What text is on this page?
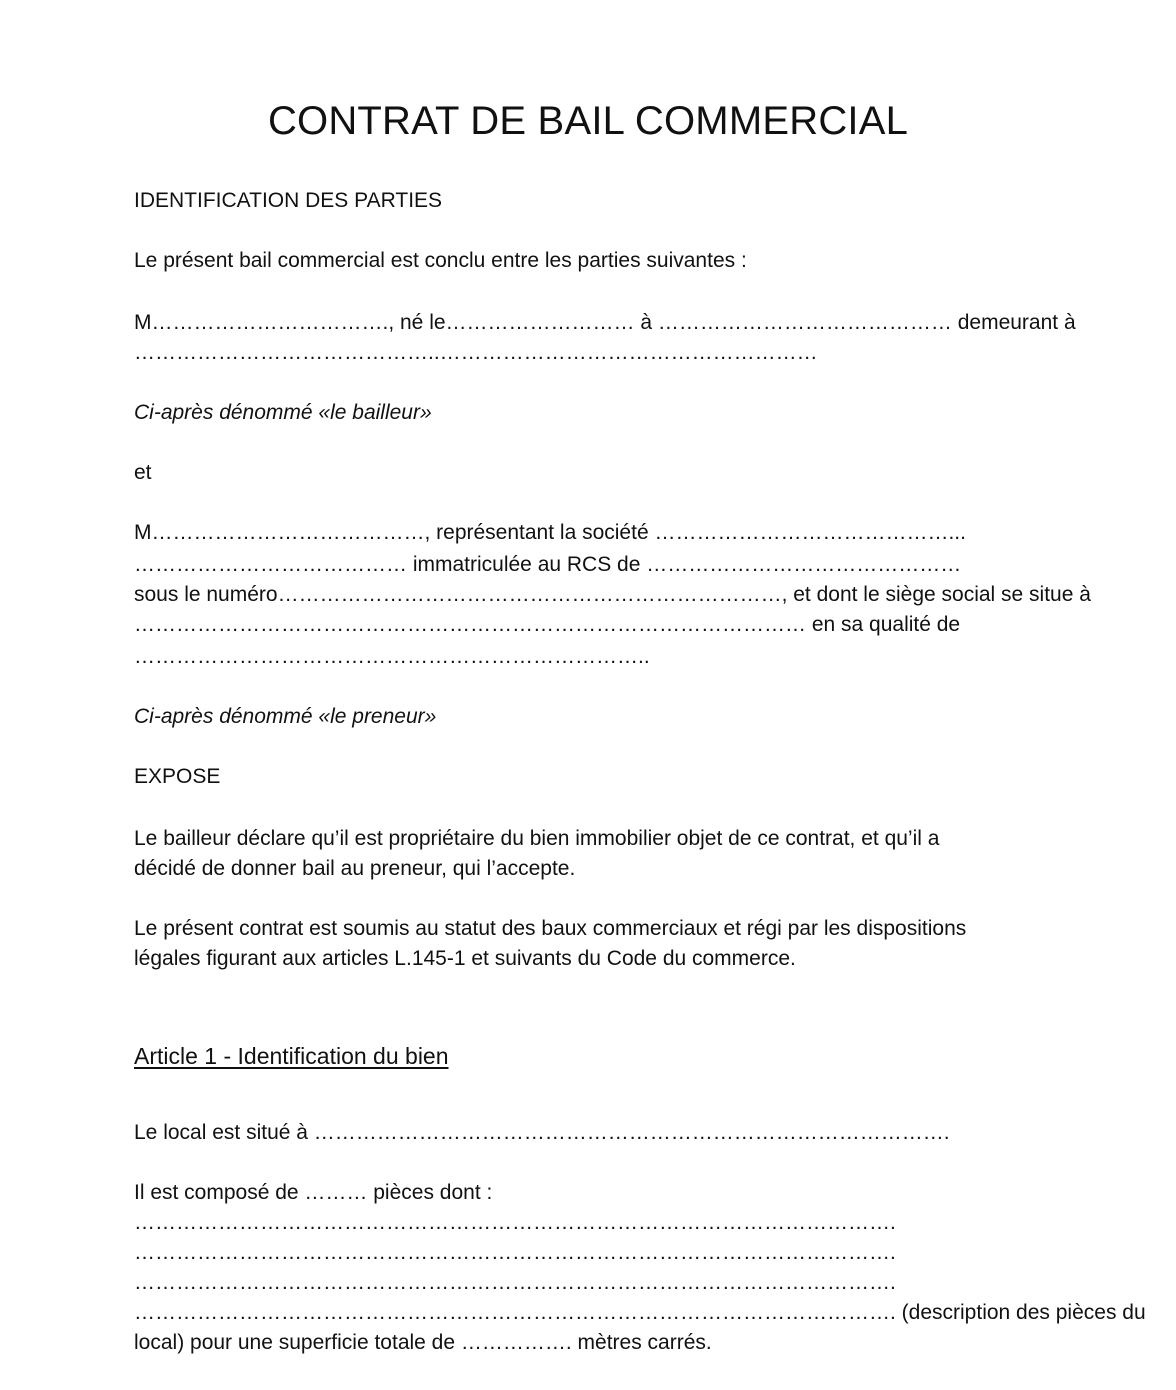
CONTRAT DE BAIL COMMERCIAL

IDENTIFICATION DES PARTIES

Le présent bail commercial est conclu entre les parties suivantes :

M……………………………., né le……………………… à …………………………………… demeurant à

……………………………………..………………………………………………

Ci-après dénommé «le bailleur»

et

M…………………………………, représentant la société ……………………………………...

………………………………… immatriculée au RCS de ………………………………………

sous le numéro………………………………………………………………, et dont le siège social se situe à

…………………………………………………………………………………… en sa qualité de

………………………………………………………………..

Ci-après dénommé «le preneur»

EXPOSE

Le bailleur déclare qu’il est propriétaire du bien immobilier objet de ce contrat, et qu’il a

décidé de donner bail au preneur, qui l’accepte.

Le présent contrat est soumis au statut des baux commerciaux et régi par les dispositions

légales figurant aux articles L.145-1 et suivants du Code du commerce.

Article 1 - Identification du bien

Le local est situé à ……………………………………………………………………………….

Il est composé de ……… pièces dont :

……………………………………………………………………………………………….

……………………………………………………………………………………………….

……………………………………………………………………………………………….

………………………………………………………………………………………………. (description des pièces du

local) pour une superficie totale de ……………. mètres carrés.
